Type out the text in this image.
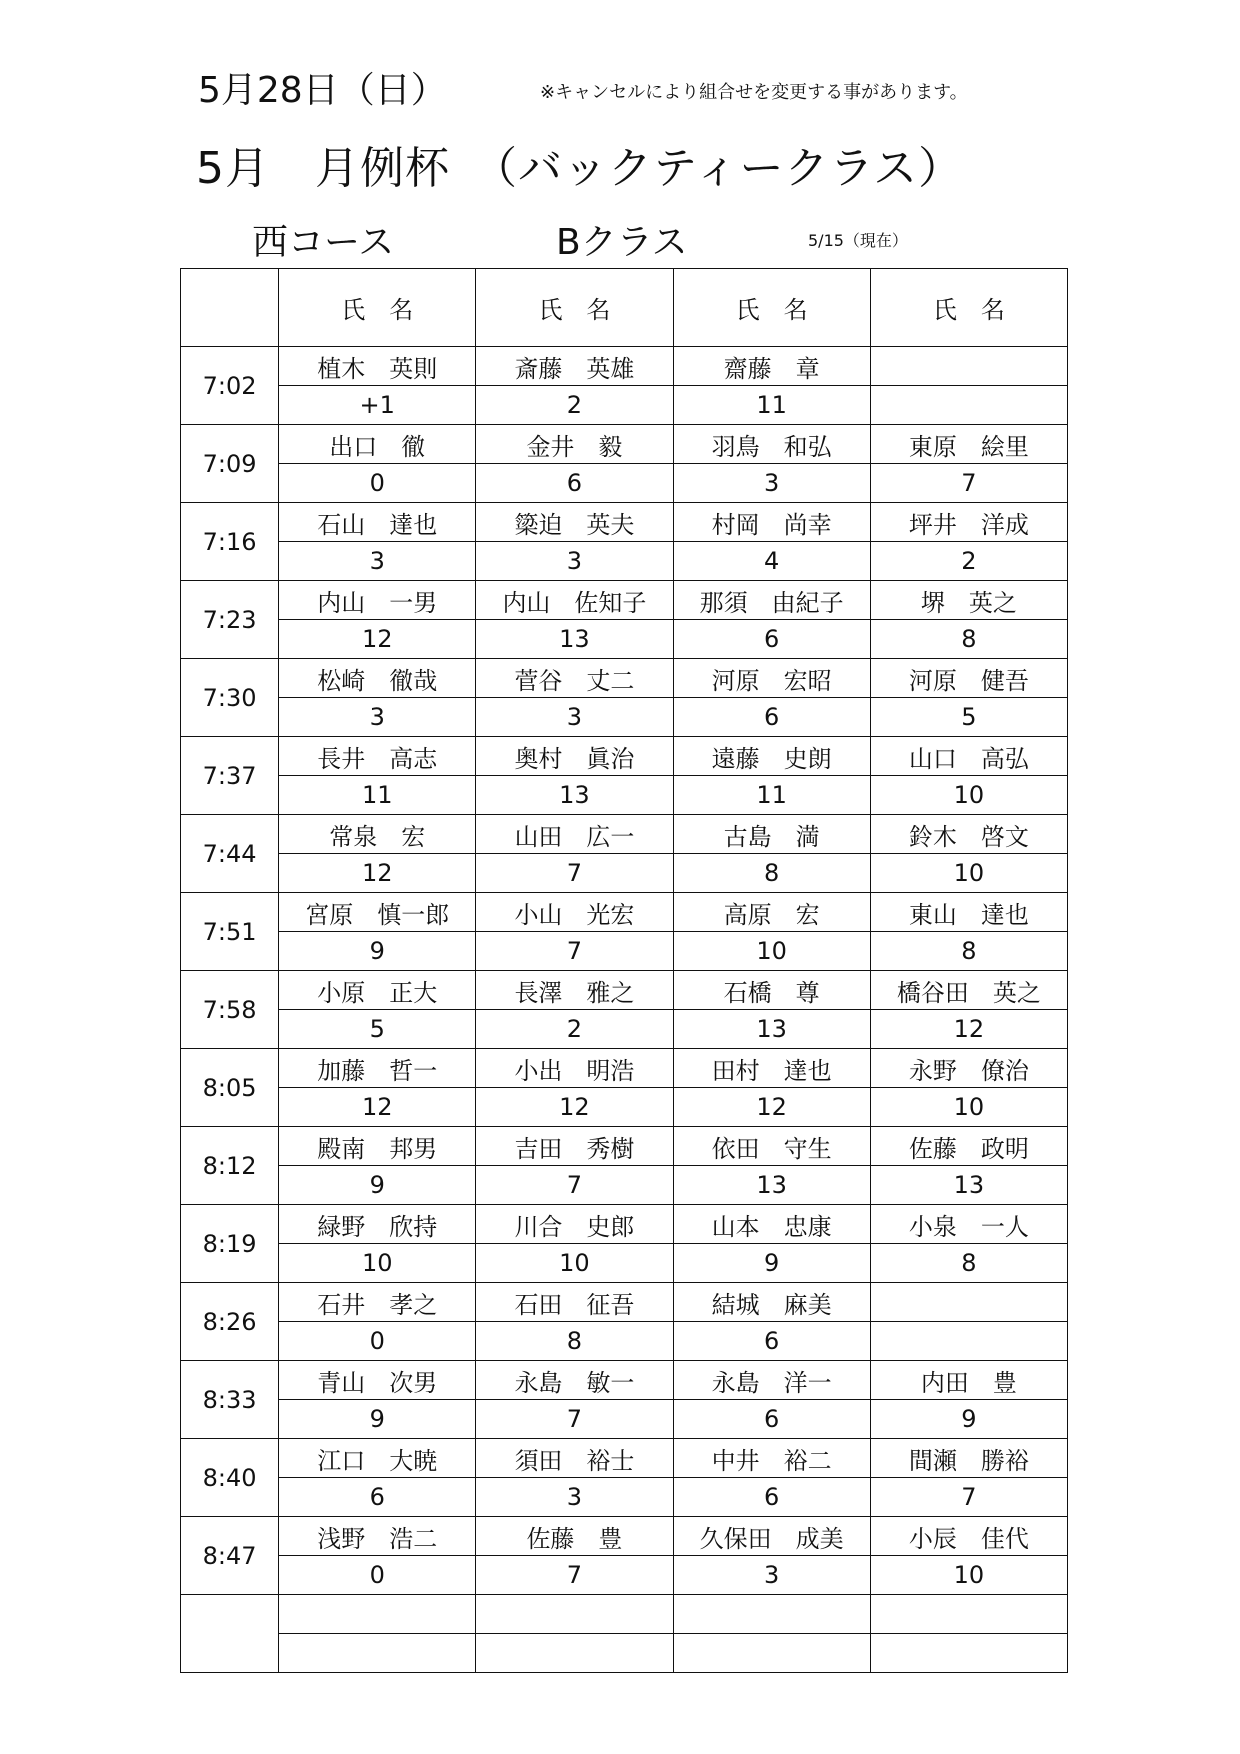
5月28日（日）	※キャンセルにより組合せを変更する事があります。
5月　月例杯　（バックティークラス）
西コース	Bクラス	5/15（現在）
	氏　名	氏　名	氏　名	氏　名
7:02	植木　英則	斎藤　英雄	齋藤　章	
	+1	2	11	
7:09	出口　徹	金井　毅	羽鳥　和弘	東原　絵里
	0	6	3	7
7:16	石山　達也	簗迫　英夫	村岡　尚幸	坪井　洋成
	3	3	4	2
7:23	内山　一男	内山　佐知子	那須　由紀子	堺　英之
	12	13	6	8
7:30	松崎　徹哉	菅谷　丈二	河原　宏昭	河原　健吾
	3	3	6	5
7:37	長井　高志	奥村　眞治	遠藤　史朗	山口　高弘
	11	13	11	10
7:44	常泉　宏	山田　広一	古島　満	鈴木　啓文
	12	7	8	10
7:51	宮原　慎一郎	小山　光宏	高原　宏	東山　達也
	9	7	10	8
7:58	小原　正大	長澤　雅之	石橋　尊	橋谷田　英之
	5	2	13	12
8:05	加藤　哲一	小出　明浩	田村　達也	永野　僚治
	12	12	12	10
8:12	殿南　邦男	吉田　秀樹	依田　守生	佐藤　政明
	9	7	13	13
8:19	緑野　欣持	川合　史郎	山本　忠康	小泉　一人
	10	10	9	8
8:26	石井　孝之	石田　征吾	結城　麻美	
	0	8	6	
8:33	青山　次男	永島　敏一	永島　洋一	内田　豊
	9	7	6	9
8:40	江口　大暁	須田　裕士	中井　裕二	間瀬　勝裕
	6	3	6	7
8:47	浅野　浩二	佐藤　豊	久保田　成美	小辰　佳代
	0	7	3	10
